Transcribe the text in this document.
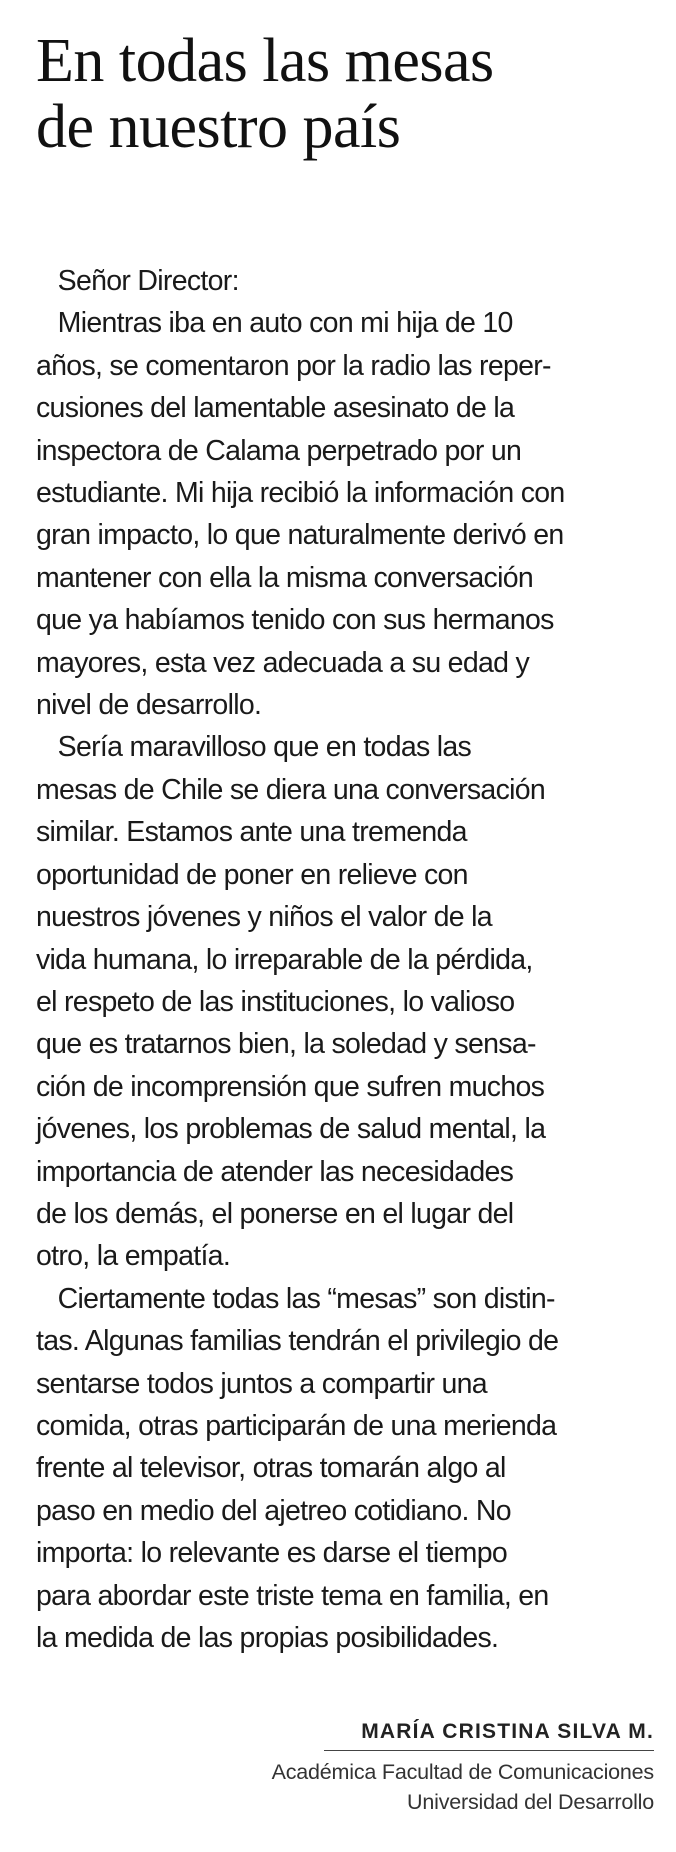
En todas las mesas
de nuestro país
Señor Director:
Mientras iba en auto con mi hija de 10
años, se comentaron por la radio las reper-
cusiones del lamentable asesinato de la
inspectora de Calama perpetrado por un
estudiante. Mi hija recibió la información con
gran impacto, lo que naturalmente derivó en
mantener con ella la misma conversación
que ya habíamos tenido con sus hermanos
mayores, esta vez adecuada a su edad y
nivel de desarrollo.
Sería maravilloso que en todas las
mesas de Chile se diera una conversación
similar. Estamos ante una tremenda
oportunidad de poner en relieve con
nuestros jóvenes y niños el valor de la
vida humana, lo irreparable de la pérdida,
el respeto de las instituciones, lo valioso
que es tratarnos bien, la soledad y sensa-
ción de incomprensión que sufren muchos
jóvenes, los problemas de salud mental, la
importancia de atender las necesidades
de los demás, el ponerse en el lugar del
otro, la empatía.
Ciertamente todas las “mesas” son distin-
tas. Algunas familias tendrán el privilegio de
sentarse todos juntos a compartir una
comida, otras participarán de una merienda
frente al televisor, otras tomarán algo al
paso en medio del ajetreo cotidiano. No
importa: lo relevante es darse el tiempo
para abordar este triste tema en familia, en
la medida de las propias posibilidades.
MARÍA CRISTINA SILVA M.
Académica Facultad de Comunicaciones
Universidad del Desarrollo
